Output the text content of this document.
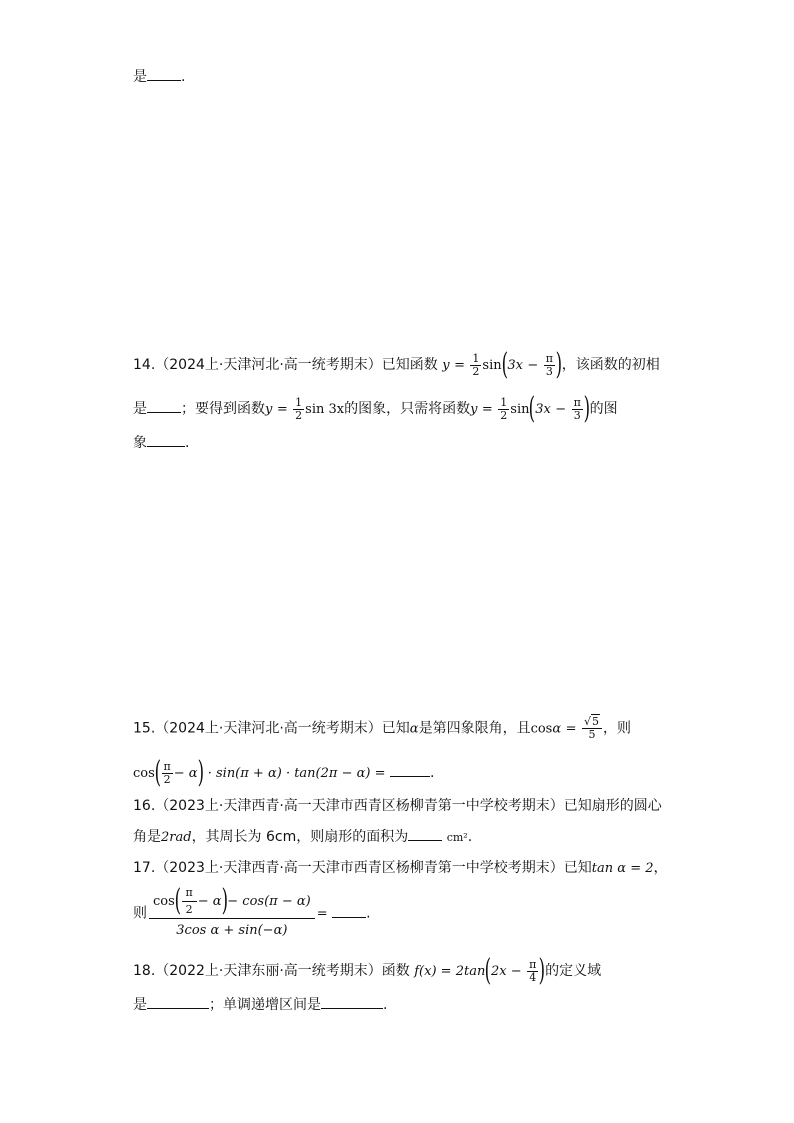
是 .
14.（2024上·天津河北·高一统考期末）已知函数 $y = \frac{1}{2} \sin(3x - \frac{\pi}{3}$ )，该函数的初相
是 ；要得到函数$y = \frac{1}{2}$ sin 3x的图象，只需将函数$y = \frac{1}{2} \sin(3x - \frac{\pi}{3}$ )的图
象	.
15.（2024上·天津河北·高一统考期末）已知α是第四象限角，且$\cos\alpha = \frac{√5}{5}$ ，则
$\cos( \frac{\pi}{2} - \alpha) \cdot \sin(\pi + \alpha) \cdot \tan(2\pi - \alpha)$ =	.
16.（2023上·天津西青·高一天津市西青区杨柳青第一中学校考期末）已知扇形的圆心
角是2rad，其周长为 6cm，则扇形的面积为	cm².
17.（2023上·天津西青·高一天津市西青区杨柳青第一中学校考期末）已知tan α = 2，
则 $\frac{\cos( \frac{\pi}{2} - \alpha)- \cos(\pi - \alpha)}{\text{3cos α + sin(−α)}}$ =	.
18.（2022上·天津东丽·高一统考期末）函数 $f(x) = 2\tan(2x - \frac{\pi}{4}$ )的定义域
是	；单调递增区间是	.
